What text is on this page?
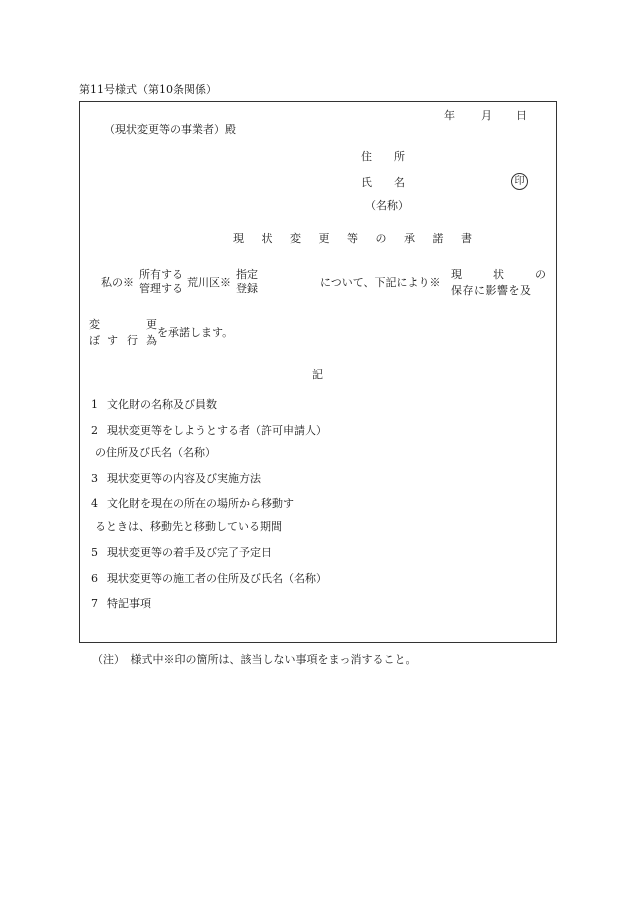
第11号様式（第10条関係）
年 月 日
（現状変更等の事業者）殿
住　　所
氏　　名	印
（名称）
現 状 変 更 等 の 承 諾 書
私の※
所有する
管理する 荒川区※
指定
登録	について、下記により※
現	状	の
保存に影響を及
変
ぼ す 行
更
為
を承諾します。
記
1 文化財の名称及び員数
2 現状変更等をしようとする者（許可申請人）
の住所及び氏名（名称）
3 現状変更等の内容及び実施方法
4 文化財を現在の所在の場所から移動す
るときは、移動先と移動している期間
5 現状変更等の着手及び完了予定日
6 現状変更等の施工者の住所及び氏名（名称）
7 特記事項
（注）　様式中※印の箇所は、該当しない事項をまっ消すること。
